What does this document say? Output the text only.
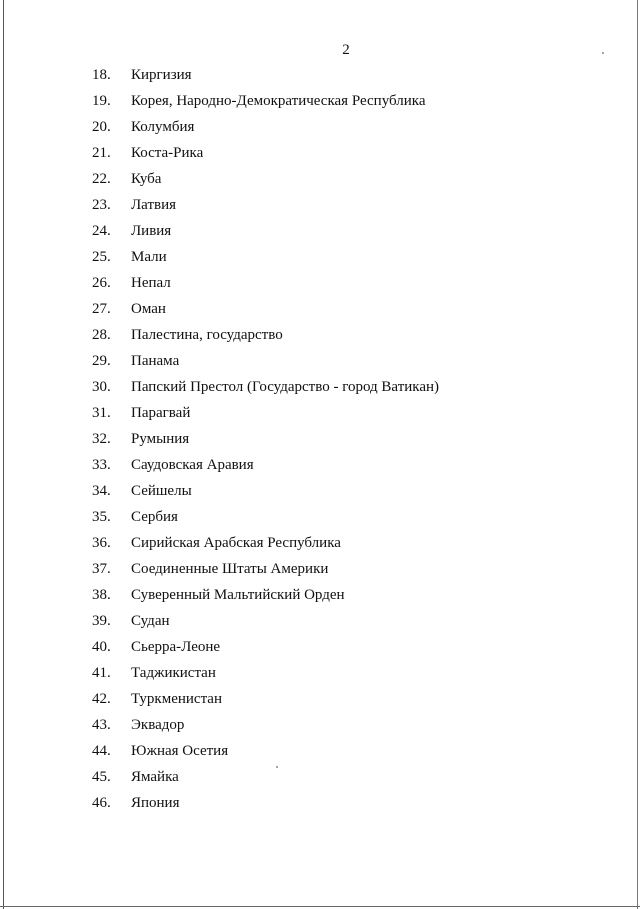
2
18.	Киргизия
19.	Корея, Народно-Демократическая Республика
20.	Колумбия
21.	Коста-Рика
22.	Куба
23.	Латвия
24.	Ливия
25.	Мали
26.	Непал
27.	Оман
28.	Палестина, государство
29.	Панама
30.	Папский Престол (Государство - город Ватикан)
31.	Парагвай
32.	Румыния
33.	Саудовская Аравия
34.	Сейшелы
35.	Сербия
36.	Сирийская Арабская Республика
37.	Соединенные Штаты Америки
38.	Суверенный Мальтийский Орден
39.	Судан
40.	Сьерра-Леоне
41.	Таджикистан
42.	Туркменистан
43.	Эквадор
44.	Южная Осетия
45.	Ямайка
46.	Япония
